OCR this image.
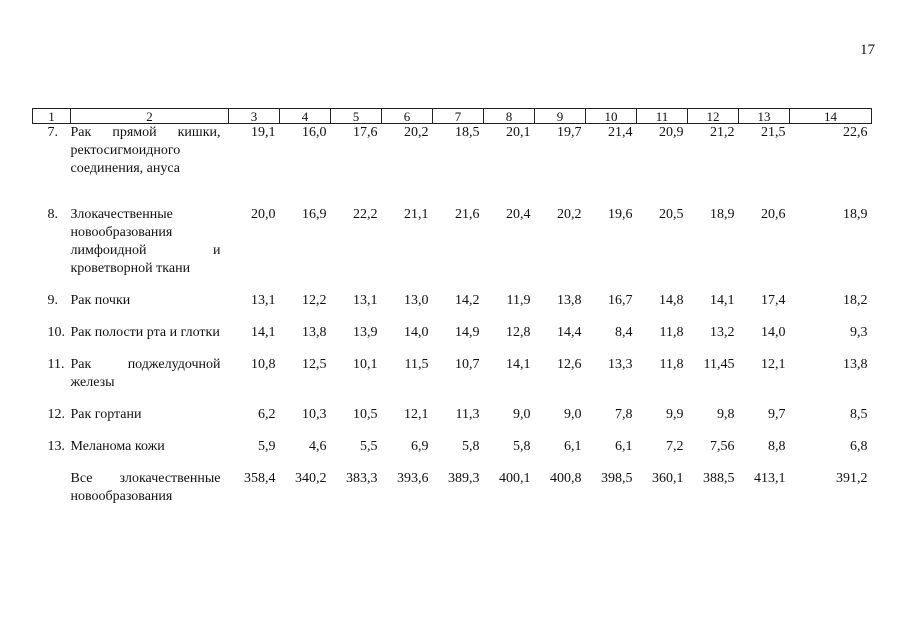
17
1	2	3	4	5	6	7	8	9	10	11	12	13	14
7.	Рак прямой кишки, ректосигмоидного соединения, ануса	19,1	16,0	17,6	20,2	18,5	20,1	19,7	21,4	20,9	21,2	21,5	22,6

8.	Злокачественные новообразования лимфоидной и кроветворной ткани	20,0	16,9	22,2	21,1	21,6	20,4	20,2	19,6	20,5	18,9	20,6	18,9

9.	Рак почки	13,1	12,2	13,1	13,0	14,2	11,9	13,8	16,7	14,8	14,1	17,4	18,2

10.	Рак полости рта и глотки	14,1	13,8	13,9	14,0	14,9	12,8	14,4	8,4	11,8	13,2	14,0	9,3

11.	Рак поджелудочной железы	10,8	12,5	10,1	11,5	10,7	14,1	12,6	13,3	11,8	11,45	12,1	13,8

12.	Рак гортани	6,2	10,3	10,5	12,1	11,3	9,0	9,0	7,8	9,9	9,8	9,7	8,5

13.	Меланома кожи	5,9	4,6	5,5	6,9	5,8	5,8	6,1	6,1	7,2	7,56	8,8	6,8

	Все злокачественные новообразования	358,4	340,2	383,3	393,6	389,3	400,1	400,8	398,5	360,1	388,5	413,1	391,2
